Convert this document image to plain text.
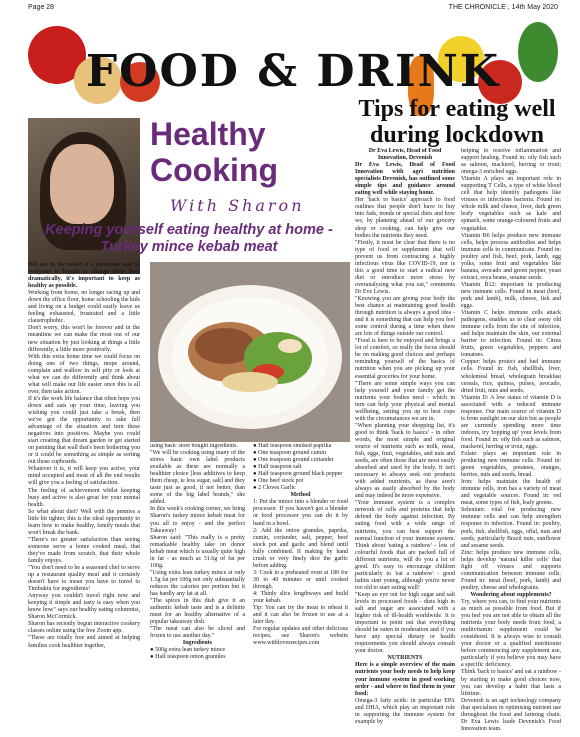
Page 28	THE CHRONICLE , 14th May 2020
FOOD & DRINK
Healthy
Cooking
With Sharon
Keeping yourself eating healthy at home -Turkey mince kebab meat
Tips for eating well during lockdown

WE are in the midst of a pandemic and as everyone is forced to change their lives dramatically, it's important to keep as healthy as possible.

Working from home, no longer racing up and down the office floor, home schooling the kids and living on a budget could easily leave us feeling exhausted, frustrated and a little claustrophobic.

Don't worry, this won't be forever and in the meantime we can make the most out of our new situation by just looking at things a little differently, a little more positively.

With this extra home time we could focus on doing one of two things, mope around, complain and wallow in self pity or look at what we can do differently and think about what will make our life easier once this is all over, then take action.

If it's the work life balance that often hops you down and eats up your time, leaving you wishing you could just take a break, then we've got the opportunity to take full advantage of the situation and turn these negatives into positives. Maybe you could start creating that dream garden or get started on painting that wall that's been bothering you or it could be something as simple as sorting out those cupboards.

Whatever it is, it will keep you active, your mind occupied and most of all the end results will give you a feeling of satisfaction.

The feeling of achievement whilst keeping busy and active is also great for your mental health.

So what about diet? Well with the pennies a little bit tighter, this is the ideal opportunity to learn how to make healthy, family meals that won't break the bank.

"There's no greater satisfaction than seeing someone serve a home cooked meal, that they've made from scratch, that their whole family enjoys.

"You don't need to be a seasoned chef to serve up a restaurant quality meal and it certainly doesn't have to mean you have to travel to Timbuktu for ingredients!

Anyway you couldn't travel right now and keeping it simple and tasty is easy when you know how" says our healthy eating columnist, Sharon McCormick.

Sharon has recently begun interactive cookery classes online using the free Zoom app.

"These are totally free and aimed at helping families cook healthier together,

using basic store bought ingredients.

"We will be cooking using many of the stores basic own label products available as these are normally a healthier choice [less additives to keep them cheap, ie less sugar, salt] and they taste just as good, if not better, than some of the big label brands," she added.

In this week's cooking corner, we bring Sharon's turkey mince kebab meat for you all to enjoy - and the perfect Takeaway!

Sharon said: "This really is a pretty remarkable healthy take on donor kebab meat which is usually quite high in fat - as much as 31.6g of fat per 100g.

"Using extra lean turkey mince at only 1.5g fat per 100g not only substantially reduces the calories per portion but it has hardly any fat at all.

"The spices in this dish give it an authentic kebab taste and is a definite must for an healthy alternative of a popular takeaway dish.

"The meat can also be sliced and frozen to use another day."

Ingredients

● 500g extra lean turkey mince

● Half teaspoon onion granules

● Half teaspoon smoked paprika

● One teaspoon ground cumin

● One teaspoon ground coriander

● Half teaspoon salt

● Half teaspoon ground black pepper

● One beef stock pot

● 2 Cloves Garlic

Method

1: Put the mince into a blender or food processor. If you haven't got a blender or food processor you can do it by hand in a bowl.

2: Add the onion granules, paprika, cumin, coriander, salt, pepper, beef stock pot and garlic and blend until fully combined. If making by hand crush or very finely dice the garlic before adding.

3: Cook in a preheated oven at 180 for 30 to 40 minutes or until cooked through.

4: Thinly slice lengthways and build your kebab.

Tip: You can try the meat to reheat it and it can also be frozen to use at a later day.

For regular updates and other delicious recipes, see Sharon's website www.withlovesrecipes.com

Dr Eva Lewis, Head of Food Innovation, Devenish

Dr Eva Lewis, Head of Food Innovation with agri nutrition specialists Devenish, has outlined some simple tips and guidance around eating well while staying home.

Her 'back to basics' approach to food outlines that people don't have to buy into fads, trends or special diets and how we, by planning ahead of our grocery shop or cooking, can help give our bodies the nutrients they need.

"Firstly, it must be clear that there is no type of food or supplement that will prevent us from contracting a highly infectious virus like COVID-19, nor is this a good time to start a radical new diet or introduce more stress by overanalysing what you eat," comments Dr Eve Lewis.

"Knowing you are giving your body the best chance at maintaining good health through nutrition is always a good idea - and it is something that can help you feel some control during a time when there are lots of things outside our control.

"Food is here to be enjoyed and brings a lot of comfort, so really the focus should be on making good choices and perhaps reminding yourself of the basics of nutrition when you are picking up your essential groceries for your home.

"There are some simple ways you can help yourself and your family get the nutrients your bodies need - which in turn can help your physical and mental wellbeing, setting you up to best cope with the circumstances we are in.

"When planning your shopping list, it's good to think 'back to basics' - in other words, the most simple and original source of nutrients such as milk, meat, fish, eggs, fruit, vegetables, and nuts and seeds, are often those that are most easily absorbed and used by the body. It isn't necessary to always seek out products with added nutrients, as these aren't always as easily absorbed by the body and may indeed be more expensive.

"Your immune system is a complex network of cells and proteins that help defend the body against infection. By eating food with a wide range of nutrients, you can best support the normal function of your immune system. Think about 'eating a rainbow' - lots of colourful foods that are packed full of different nutrients, will do you a lot of good. It's easy to encourage children particularly to 'eat a rainbow' - good habits start young, although you're never too old to start eating well!

"Keep an eye out for high sugar and salt levels in processed foods - diets high in salt and sugar are associated with a higher risk of ill-health worldwide. It is important to point out that everything should be eaten in moderation and if you have any special dietary or health requirements you should always consult your doctor.

NUTRIENTS

Here is a simple overview of the main nutrients your body needs to help keep your immune system in good working order - and where to find them in your food:

Omega-3 fatty acids: in particular EPA and DHA, which play an important role in supporting the immune system for example by

helping to resolve inflammation and support healing. Found in: oily fish such as salmon, mackerel, herring or trout; omega-3 enriched eggs.

Vitamin A plays an important role in supporting T Cells, a type of white blood cell that help identify pathogens like viruses or infections bacteria. Found in: whole milk and cheese, liver, dark green leafy vegetables such as kale and spinach, some orange-coloured fruits and vegetables.

Vitamin B6 helps produce new immune cells, helps process antibodies and helps immune cells to communicate. Found in: poultry and fish, beef, pork, lamb, egg yolks, some fruit and vegetables like banana, avocado and green pepper, yeast extract, soya beans, sesame seeds.

Vitamin B12: important in producing new immune cells. Found in meat (beef, pork and lamb), milk, cheese, fish and eggs.

Vitamin C helps immune cells attack pathogens, enables us to clear away old immune cells from the site of infection, and helps maintain the skin, our external barrier to infection. Found in: Citrus fruits, green vegetables, peppers and tomatoes.

Copper: helps protect and fuel immune cells. Found in: fish, shellfish, liver, wholemeal bread, wholegrain breakfast cereals, rice, quinoa, pulses, avocado, dried fruit, nuts and seeds.

Vitamin D: A low status of vitamin D is associated with a reduced immune response. Our main source of vitamin D is from sunlight on our skin but as people are currently spending more time indoors, try 'topping up' your levels from food. Found in: oily fish such as salmon, mackerel, herring or trout, eggs.

Folate: plays an important role in producing new immune cells. Found in: green vegetables, potatoes, oranges, berries, nuts and seeds, bread.

Iron: helps maintain the health of immune cells, iron has a variety of meat and vegetable sources. Found in: red meat, some types of fish, leafy greens.

Selenium: vital for producing new immune cells and can help strengthen response to infection. Found in: poultry, pork, fish, shellfish, eggs, offal, nuts and seeds, particularly Brazil nuts, sunflower and sesame seeds.

Zinc: helps produce new immune cells, helps develop 'natural killer cells' that fight off viruses and supports communication between immune cells. Found in: meat (beef, pork, lamb) and poultry, cheese and wholegrains.

Wondering about supplements?

Try, where you can, to find your nutrients as much as possible from food. But if you feel you are not able to obtain all the nutrients your body needs from food, a multivitamin supplement could be considered. It is always wise to consult your doctor or a qualified nutritionist before commencing any supplement use, particularly if you believe you may have a specific deficiency.

Think 'back to basics' and eat a rainbow - by starting to make good choices now, you can develop a habit that lasts a lifetime.

Devenish is an agri technology company that specialises in optimising nutrient use throughout the food and farming chain. Dr Eva Lewis leads Devenish's Food Innovation team.
